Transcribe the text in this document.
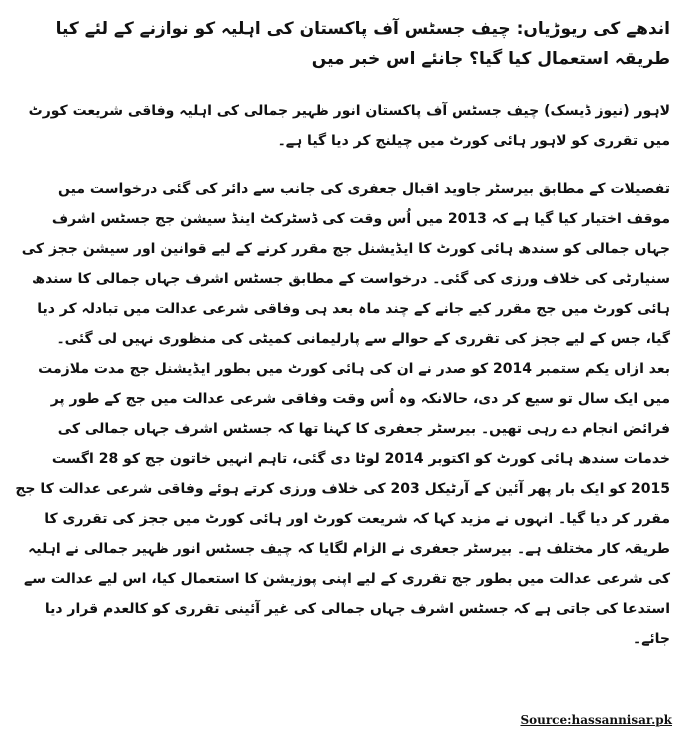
اندھے کی ریوڑیاں: چیف جسٹس آف پاکستان کی اہلیہ کو نوازنے کے لئے کیا طریقہ استعمال کیا گیا؟ جانئے اس خبر میں

لاہور (نیوز ڈیسک) چیف جسٹس آف پاکستان انور ظہیر جمالی کی اہلیہ وفاقی شریعت کورٹ میں تقرری کو لاہور ہائی کورٹ میں چیلنج کر دیا گیا ہے۔

تفصیلات کے مطابق بیرسٹر جاوید اقبال جعفری کی جانب سے دائر کی گئی درخواست میں موقف اختیار کیا گیا ہے کہ 2013 میں اُس وقت کی ڈسٹرکٹ اینڈ سیشن جج جسٹس اشرف جہاں جمالی کو سندھ ہائی کورٹ کا ایڈیشنل جج مقرر کرنے کے لیے قوانین اور سیشن ججز کی سنیارٹی کی خلاف ورزی کی گئی۔ درخواست کے مطابق جسٹس اشرف جہاں جمالی کا سندھ ہائی کورٹ میں جج مقرر کیے جانے کے چند ماہ بعد ہی وفاقی شرعی عدالت میں تبادلہ کر دیا گیا، جس کے لیے ججز کی تقرری کے حوالے سے پارلیمانی کمیٹی کی منظوری نہیں لی گئی۔

بعد ازاں یکم ستمبر 2014 کو صدر نے ان کی ہائی کورٹ میں بطور ایڈیشنل جج مدت ملازمت میں ایک سال تو سیع کر دی، حالانکہ وہ اُس وقت وفاقی شرعی عدالت میں جج کے طور پر فرائض انجام دے رہی تھیں۔ بیرسٹر جعفری کا کہنا تھا کہ جسٹس اشرف جہاں جمالی کی خدمات سندھ ہائی کورٹ کو اکتوبر 2014 لوٹا دی گئی، تاہم انہیں خاتون جج کو 28 اگست 2015 کو ایک بار پھر آئین کے آرٹیکل 203 کی خلاف ورزی کرتے ہوئے وفاقی شرعی عدالت کا جج مقرر کر دیا گیا۔ انہوں نے مزید کہا کہ شریعت کورٹ اور ہائی کورٹ میں ججز کی تقرری کا طریقہ کار مختلف ہے۔ بیرسٹر جعفری نے الزام لگایا کہ چیف جسٹس انور ظہیر جمالی نے اہلیہ کی شرعی عدالت میں بطور جج تقرری کے لیے اپنی پوزیشن کا استعمال کیا، اس لیے عدالت سے استدعا کی جاتی ہے کہ جسٹس اشرف جہاں جمالی کی غیر آئینی تقرری کو کالعدم قرار دیا جائے۔

Source:hassannisar.pk
